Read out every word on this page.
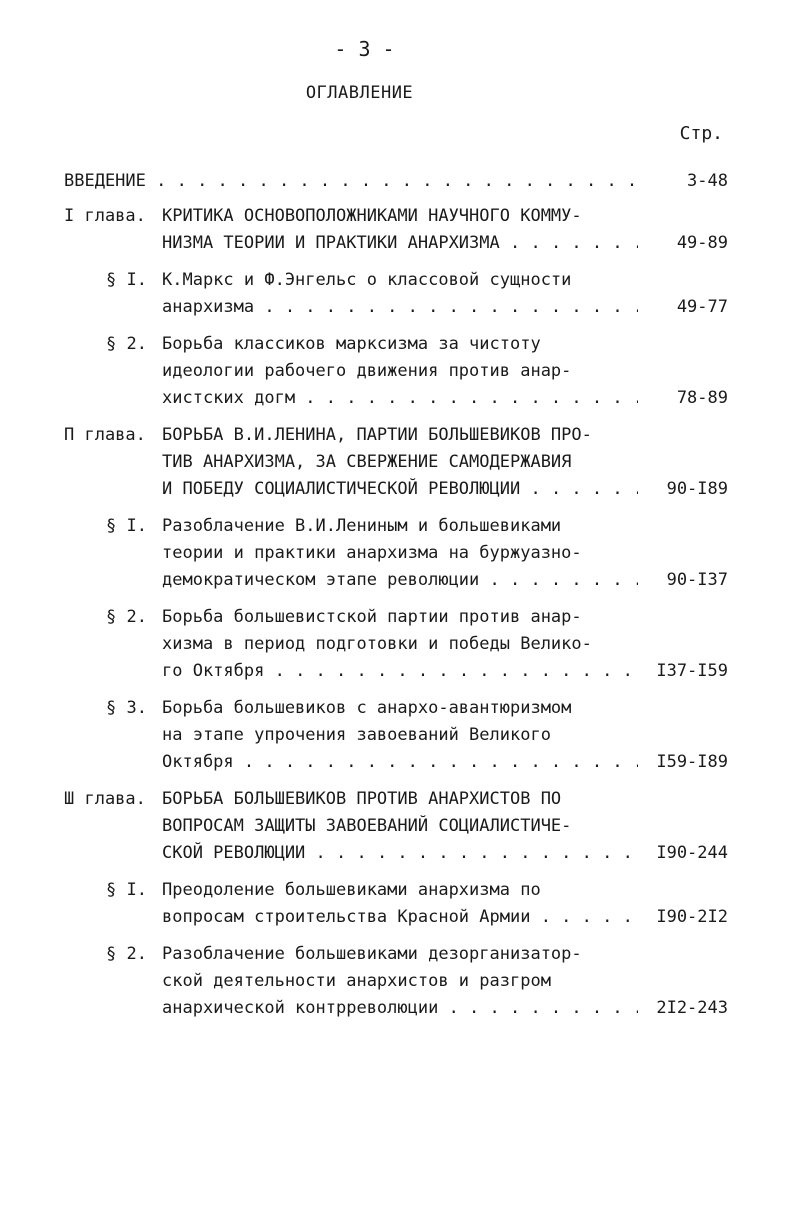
- 3 -
ОГЛАВЛЕНИЕ
Стр.
ВВЕДЕНИЕ . . .	3-48
I глава. КРИТИКА ОСНОВОПОЛОЖНИКАМИ НАУЧНОГО КОММУ-
НИЗМА ТЕОРИИ И ПРАКТИКИ АНАРХИЗМА . . .	49-89
§ I. К.Маркс и Ф.Энгельс о классовой сущности
анархизма . . .	49-77
§ 2. Борьба классиков марксизма за чистоту
идеологии рабочего движения против анар-
хистских догм . . .	78-89
П глава. БОРЬБА В.И.ЛЕНИНА, ПАРТИИ БОЛЬШЕВИКОВ ПРО-
ТИВ АНАРХИЗМА, ЗА СВЕРЖЕНИЕ САМОДЕРЖАВИЯ
И ПОБЕДУ СОЦИАЛИСТИЧЕСКОЙ РЕВОЛЮЦИИ . . .	90-I89
§ I. Разоблачение В.И.Лениным и большевиками
теории и практики анархизма на буржуазно-
демократическом этапе революции . . .	90-I37
§ 2. Борьба большевистской партии против анар-
хизма в период подготовки и победы Велико-
го Октября . . .	I37-I59
§ 3. Борьба большевиков с анархо-авантюризмом
на этапе упрочения завоеваний Великого
Октября . . .	I59-I89
Ш глава. БОРЬБА БОЛЬШЕВИКОВ ПРОТИВ АНАРХИСТОВ ПО
ВОПРОСАМ ЗАЩИТЫ ЗАВОЕВАНИЙ СОЦИАЛИСТИЧЕ-
СКОЙ РЕВОЛЮЦИИ . . .	I90-244
§ I. Преодоление большевиками анархизма по
вопросам строительства Красной Армии . . .	I90-2I2
§ 2. Разоблачение большевиками дезорганизатор-
ской деятельности анархистов и разгром
анархической контрреволюции . . .	2I2-243
